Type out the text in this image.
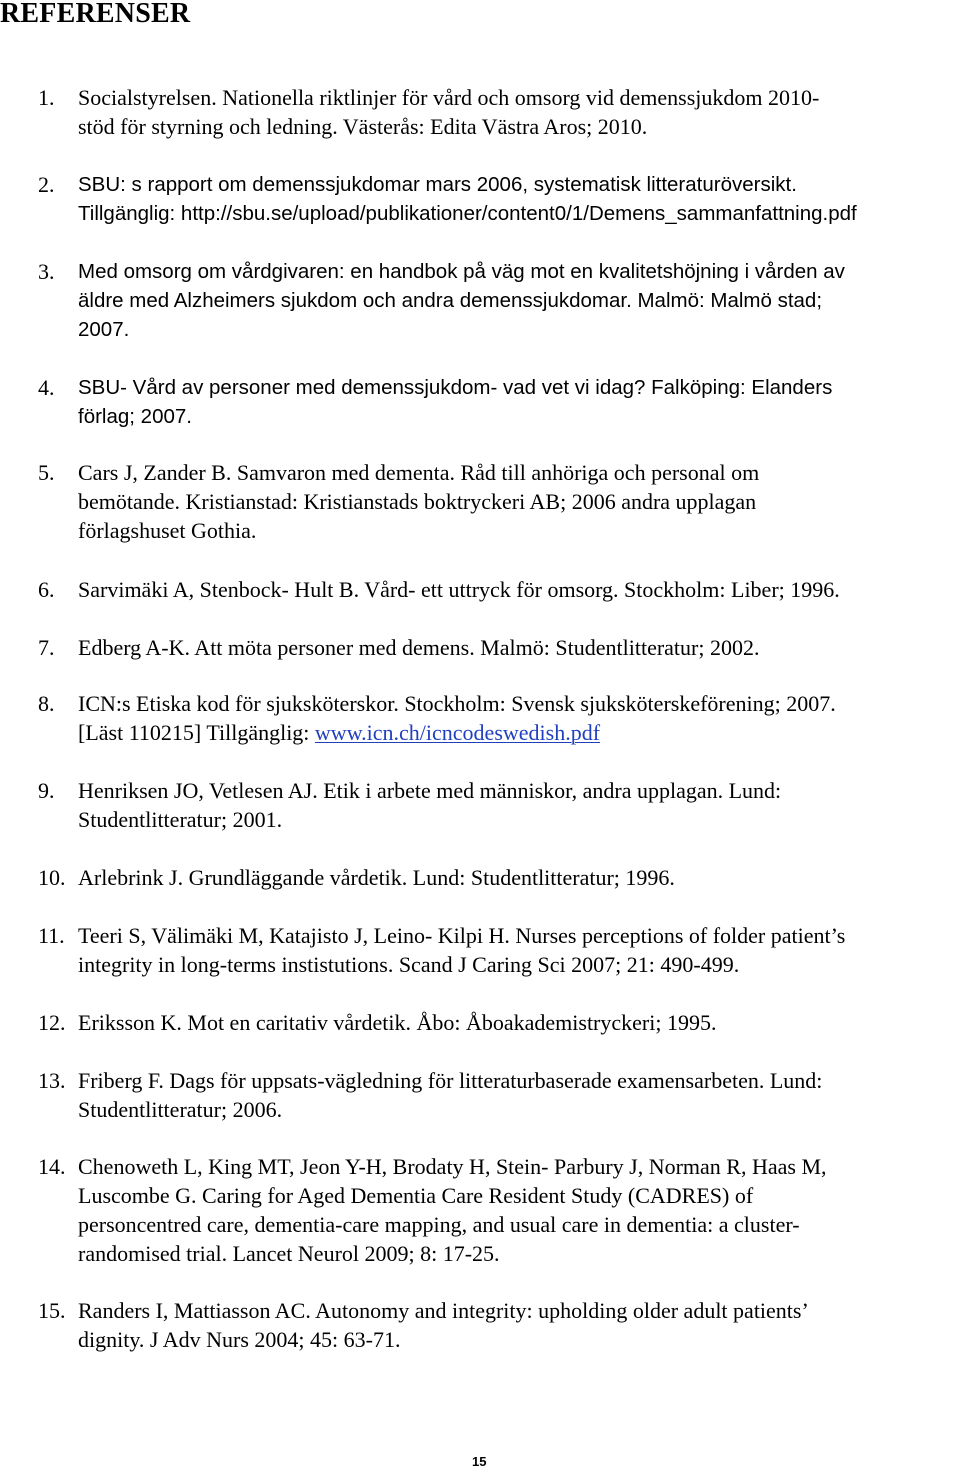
REFERENSER
1. Socialstyrelsen. Nationella riktlinjer för vård och omsorg vid demenssjukdom 2010-
stöd för styrning och ledning. Västerås: Edita Västra Aros; 2010.
2. SBU: s rapport om demenssjukdomar mars 2006, systematisk litteraturöversikt.
Tillgänglig: http://sbu.se/upload/publikationer/content0/1/Demens_sammanfattning.pdf
3. Med omsorg om vårdgivaren: en handbok på väg mot en kvalitetshöjning i vården av
äldre med Alzheimers sjukdom och andra demenssjukdomar. Malmö: Malmö stad;
2007.
4. SBU- Vård av personer med demenssjukdom- vad vet vi idag? Falköping: Elanders
förlag; 2007.
5. Cars J, Zander B. Samvaron med dementa. Råd till anhöriga och personal om
bemötande. Kristianstad: Kristianstads boktryckeri AB; 2006 andra upplagan
förlagshuset Gothia.
6. Sarvimäki A, Stenbock- Hult B. Vård- ett uttryck för omsorg. Stockholm: Liber; 1996.
7. Edberg A-K. Att möta personer med demens. Malmö: Studentlitteratur; 2002.
8. ICN:s Etiska kod för sjuksköterskor. Stockholm: Svensk sjuksköterskeförening; 2007.
[Läst 110215] Tillgänglig: www.icn.ch/icncodeswedish.pdf
9. Henriksen JO, Vetlesen AJ. Etik i arbete med människor, andra upplagan. Lund:
Studentlitteratur; 2001.
10. Arlebrink J. Grundläggande vårdetik. Lund: Studentlitteratur; 1996.
11. Teeri S, Välimäki M, Katajisto J, Leino- Kilpi H. Nurses perceptions of folder patient’s
integrity in long-terms instistutions. Scand J Caring Sci 2007; 21: 490-499.
12. Eriksson K. Mot en caritativ vårdetik. Åbo: Åboakademistryckeri; 1995.
13. Friberg F. Dags för uppsats-vägledning för litteraturbaserade examensarbeten. Lund:
Studentlitteratur; 2006.
14. Chenoweth L, King MT, Jeon Y-H, Brodaty H, Stein- Parbury J, Norman R, Haas M,
Luscombe G. Caring for Aged Dementia Care Resident Study (CADRES) of
personcentred care, dementia-care mapping, and usual care in dementia: a cluster-
randomised trial. Lancet Neurol 2009; 8: 17-25.
15. Randers I, Mattiasson AC. Autonomy and integrity: upholding older adult patients’
dignity. J Adv Nurs 2004; 45: 63-71.
15
